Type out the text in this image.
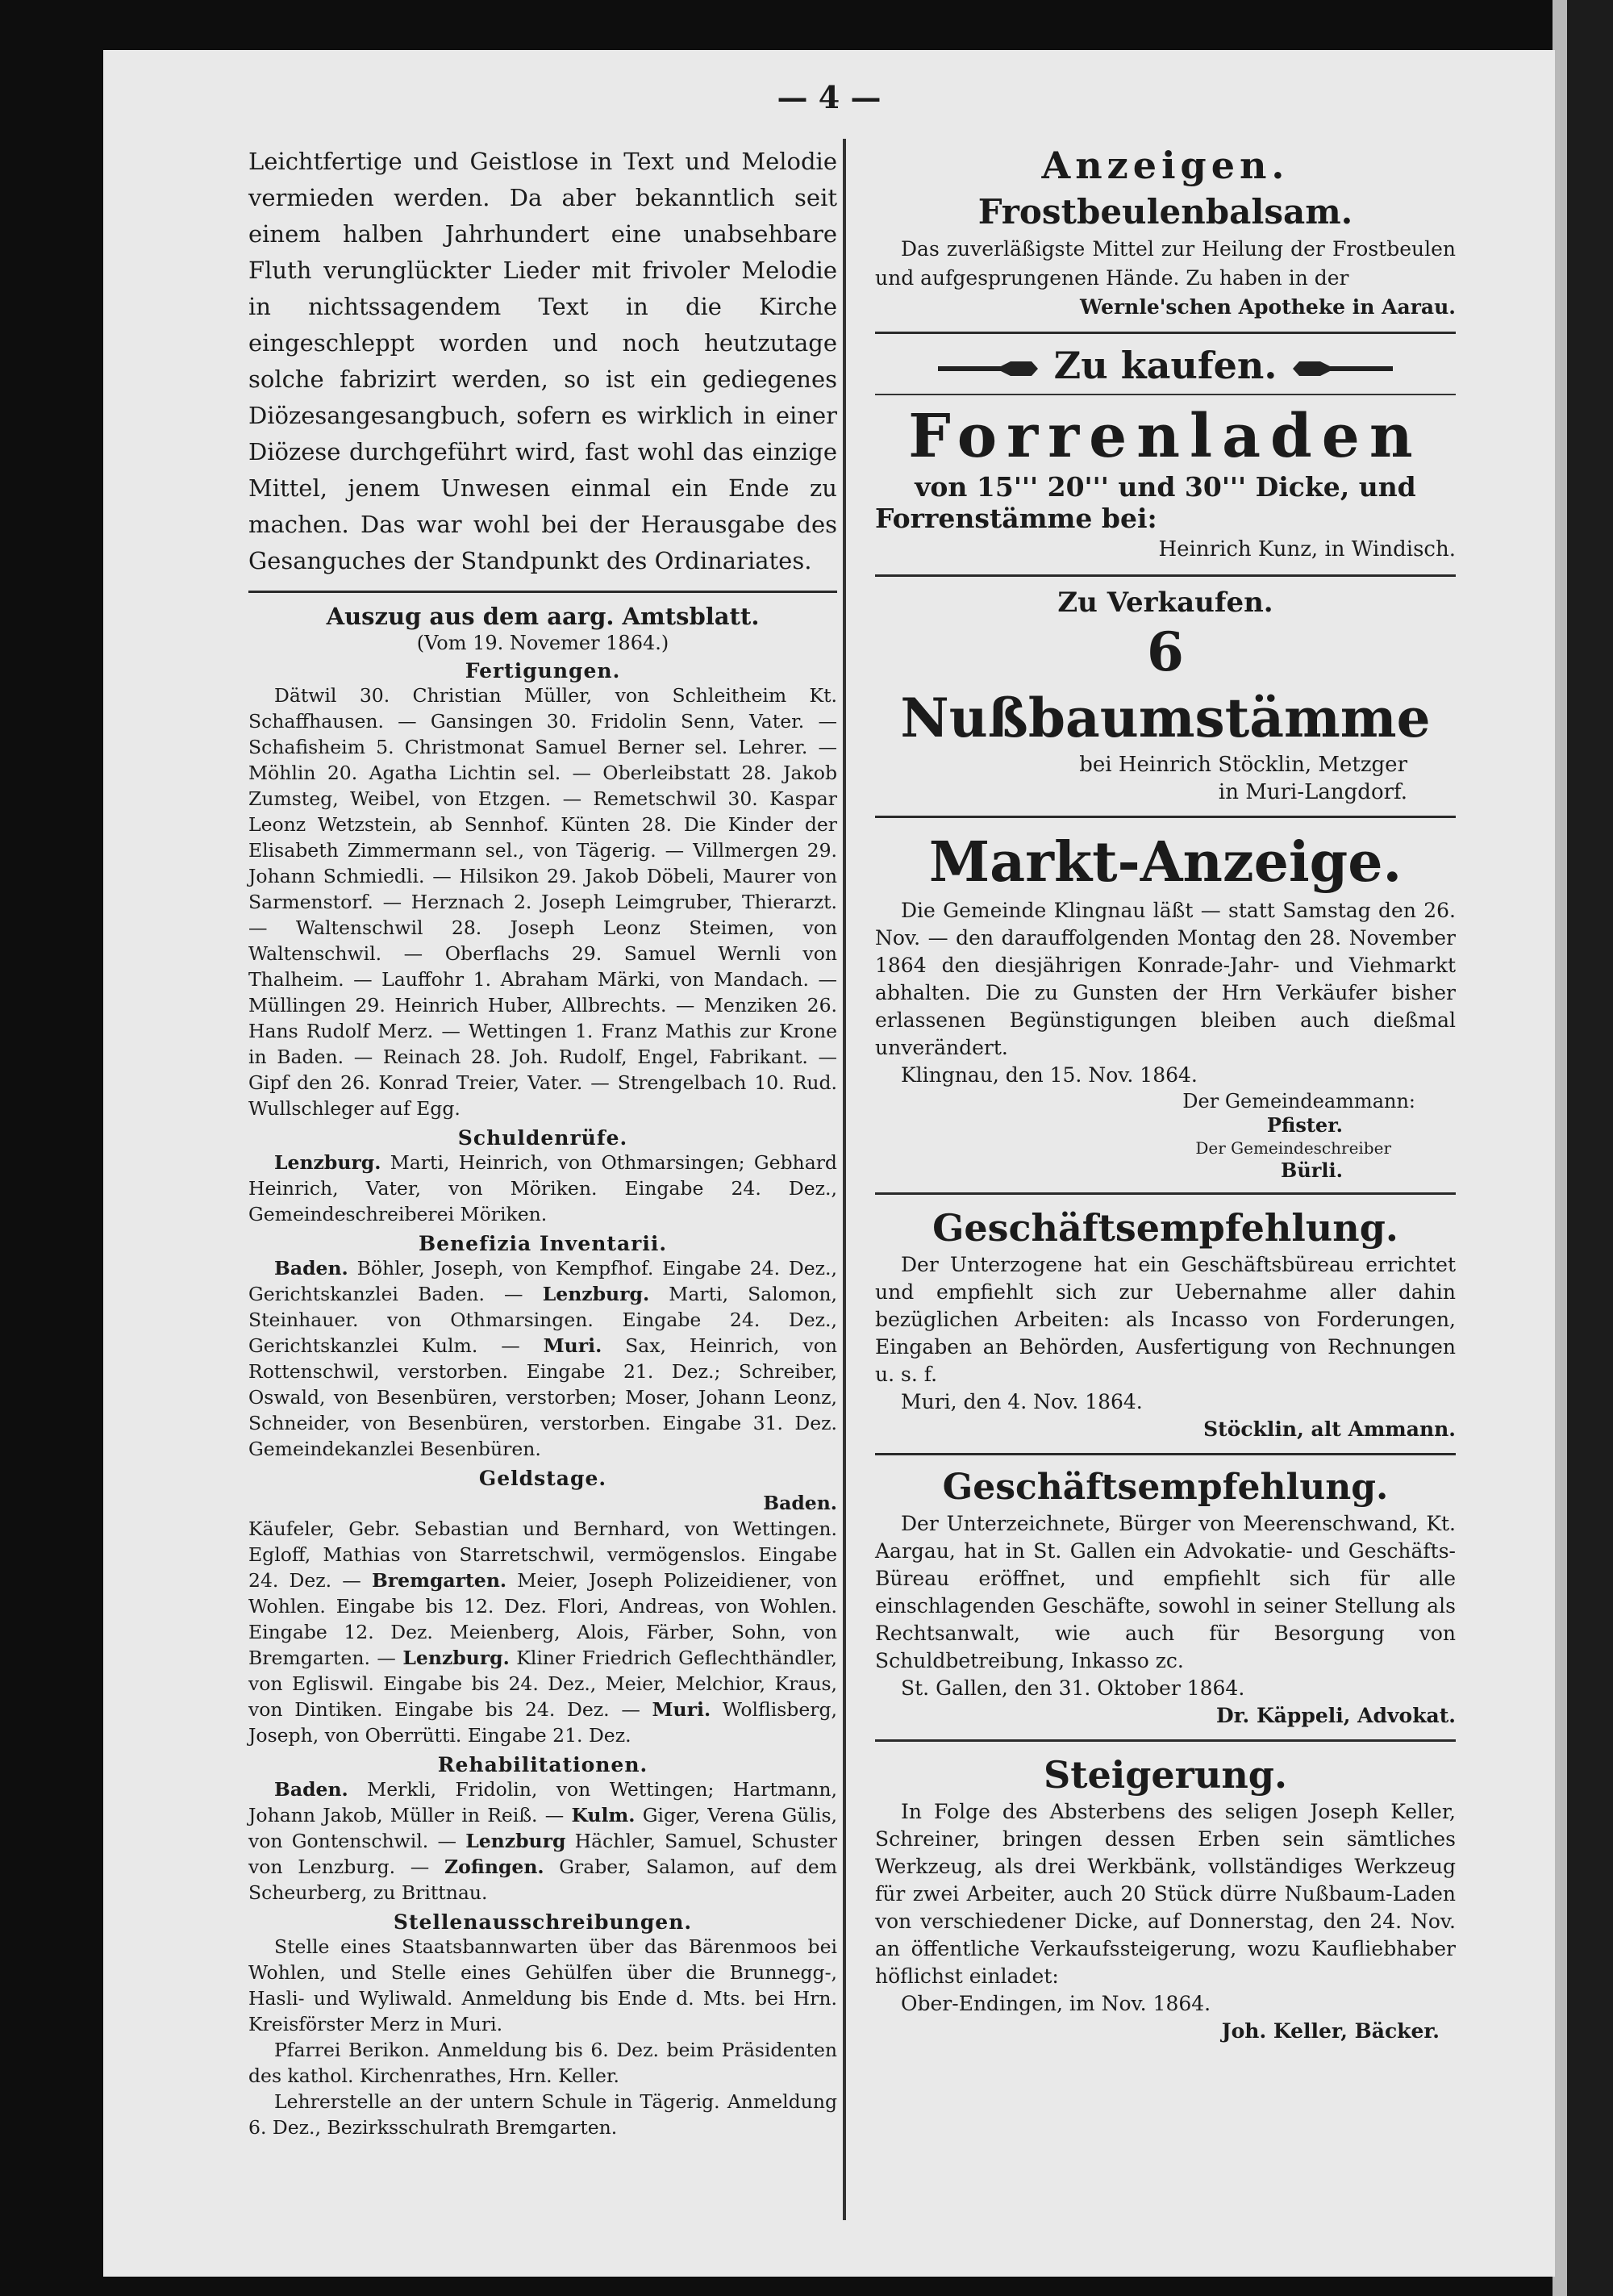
— 4 —

Leichtfertige und Geistlose in Text und Melodie vermieden werden. Da aber bekanntlich seit einem halben Jahrhundert eine unabsehbare Fluth verunglückter Lieder mit frivoler Melodie in nichtssagendem Text in die Kirche eingeschleppt worden und noch heutzutage solche fabrizirt werden, so ist ein gediegenes Diözesangesangbuch, sofern es wirklich in einer Diözese durchgeführt wird, fast wohl das einzige Mittel, jenem Unwesen einmal ein Ende zu machen. Das war wohl bei der Herausgabe des Gesanguches der Standpunkt des Ordinariates.

Auszug aus dem aarg. Amtsblatt.
(Vom 19. Novemer 1864.)
Fertigungen.

Dätwil 30. Christian Müller, von Schleitheim Kt. Schaffhausen. — Gansingen 30. Fridolin Senn, Vater. — Schafisheim 5. Christmonat Samuel Berner sel. Lehrer. — Möhlin 20. Agatha Lichtin sel. — Oberleibstatt 28. Jakob Zumsteg, Weibel, von Etzgen. — Remetschwil 30. Kaspar Leonz Wetzstein, ab Sennhof. Künten 28. Die Kinder der Elisabeth Zimmermann sel., von Tägerig. — Villmergen 29. Johann Schmiedli. — Hilsikon 29. Jakob Döbeli, Maurer von Sarmenstorf. — Herznach 2. Joseph Leimgruber, Thierarzt. — Waltenschwil 28. Joseph Leonz Steimen, von Waltenschwil. — Oberflachs 29. Samuel Wernli von Thalheim. — Lauffohr 1. Abraham Märki, von Mandach. — Müllingen 29. Heinrich Huber, Allbrechts. — Menziken 26. Hans Rudolf Merz. — Wettingen 1. Franz Mathis zur Krone in Baden. — Reinach 28. Joh. Rudolf, Engel, Fabrikant. — Gipf den 26. Konrad Treier, Vater. — Strengelbach 10. Rud. Wullschleger auf Egg.

Schuldenrüfe.

Lenzburg. Marti, Heinrich, von Othmarsingen; Gebhard Heinrich, Vater, von Möriken. Eingabe 24. Dez., Gemeindeschreiberei Möriken.

Benefizia Inventarii.

Baden. Böhler, Joseph, von Kempfhof. Eingabe 24. Dez., Gerichtskanzlei Baden. — Lenzburg. Marti, Salomon, Steinhauer. von Othmarsingen. Eingabe 24. Dez., Gerichtskanzlei Kulm. — Muri. Sax, Heinrich, von Rottenschwil, verstorben. Eingabe 21. Dez.; Schreiber, Oswald, von Besenbüren, verstorben; Moser, Johann Leonz, Schneider, von Besenbüren, verstorben. Eingabe 31. Dez. Gemeindekanzlei Besenbüren.

Geldstage.

Baden.

Käufeler, Gebr. Sebastian und Bernhard, von Wettingen. Egloff, Mathias von Starretschwil, vermögenslos. Eingabe 24. Dez. — Bremgarten. Meier, Joseph Polizeidiener, von Wohlen. Eingabe bis 12. Dez. Flori, Andreas, von Wohlen. Eingabe 12. Dez. Meienberg, Alois, Färber, Sohn, von Bremgarten. — Lenzburg. Kliner Friedrich Geflechthändler, von Egliswil. Eingabe bis 24. Dez., Meier, Melchior, Kraus, von Dintiken. Eingabe bis 24. Dez. — Muri. Wolflisberg, Joseph, von Oberrütti. Eingabe 21. Dez.

Rehabilitationen.

Baden. Merkli, Fridolin, von Wettingen; Hartmann, Johann Jakob, Müller in Reiß. — Kulm. Giger, Verena Gülis, von Gontenschwil. — Lenzburg Hächler, Samuel, Schuster von Lenzburg. — Zofingen. Graber, Salamon, auf dem Scheurberg, zu Brittnau.

Stellenausschreibungen.

Stelle eines Staatsbannwarten über das Bärenmoos bei Wohlen, und Stelle eines Gehülfen über die Brunnegg-, Hasli- und Wyliwald. Anmeldung bis Ende d. Mts. bei Hrn. Kreisförster Merz in Muri.

Pfarrei Berikon. Anmeldung bis 6. Dez. beim Präsidenten des kathol. Kirchenrathes, Hrn. Keller.

Lehrerstelle an der untern Schule in Tägerig. Anmeldung 6. Dez., Bezirksschulrath Bremgarten.

Anzeigen.
Frostbeulenbalsam.

Das zuverläßigste Mittel zur Heilung der Frostbeulen und aufgesprungenen Hände. Zu haben in der

Wernle'schen Apotheke in Aarau.

Zu kaufen.
Forrenladen
von 15''' 20''' und 30''' Dicke, und
Forrenstämme bei:

Heinrich Kunz, in Windisch.

Zu Verkaufen.
6 Nußbaumstämme

bei Heinrich Stöcklin, Metzger

in Muri-Langdorf.

Markt-Anzeige.

Die Gemeinde Klingnau läßt — statt Samstag den 26. Nov. — den darauffolgenden Montag den 28. November 1864 den diesjährigen Konrade-Jahr- und Viehmarkt abhalten. Die zu Gunsten der Hrn Verkäufer bisher erlassenen Begünstigungen bleiben auch dießmal unverändert.

Klingnau, den 15. Nov. 1864.

Der Gemeindeammann:

Pfister.

Der Gemeindeschreiber

Bürli.

Geschäftsempfehlung.

Der Unterzogene hat ein Geschäftsbüreau errichtet und empfiehlt sich zur Uebernahme aller dahin bezüglichen Arbeiten: als Incasso von Forderungen, Eingaben an Behörden, Ausfertigung von Rechnungen u. s. f.

Muri, den 4. Nov. 1864.

Stöcklin, alt Ammann.

Geschäftsempfehlung.

Der Unterzeichnete, Bürger von Meerenschwand, Kt. Aargau, hat in St. Gallen ein Advokatie- und Geschäfts-Büreau eröffnet, und empfiehlt sich für alle einschlagenden Geschäfte, sowohl in seiner Stellung als Rechtsanwalt, wie auch für Besorgung von Schuldbetreibung, Inkasso zc.

St. Gallen, den 31. Oktober 1864.

Dr. Käppeli, Advokat.

Steigerung.

In Folge des Absterbens des seligen Joseph Keller, Schreiner, bringen dessen Erben sein sämtliches Werkzeug, als drei Werkbänk, vollständiges Werkzeug für zwei Arbeiter, auch 20 Stück dürre Nußbaum-Laden von verschiedener Dicke, auf Donnerstag, den 24. Nov. an öffentliche Verkaufssteigerung, wozu Kaufliebhaber höflichst einladet:

Ober-Endingen, im Nov. 1864.

Joh. Keller, Bäcker.
